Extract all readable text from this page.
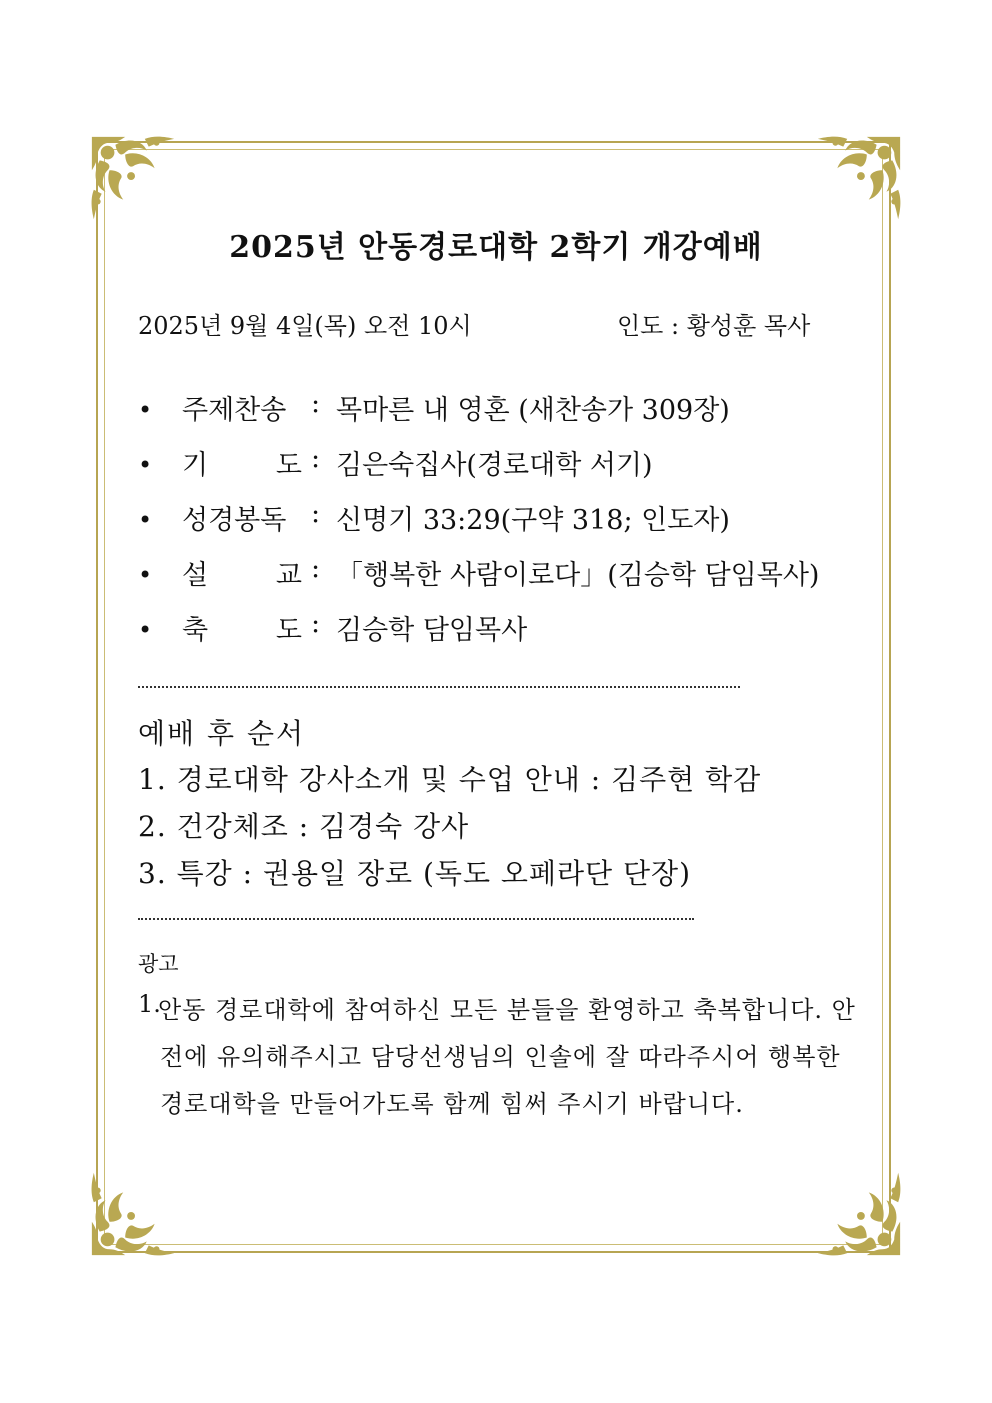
2025년 안동경로대학 2학기 개강예배
2025년 9월 4일(목) 오전 10시	인도 : 황성훈 목사
• 주제찬송 : 목마른 내 영혼 (새찬송가 309장)
• 기	도 : 김은숙집사(경로대학 서기)
• 성경봉독 : 신명기 33:29(구약 318; 인도자)
• 설	교 : 「행복한 사람이로다」(김승학 담임목사)
• 축	도 : 김승학 담임목사
예배 후 순서
1. 경로대학 강사소개 및 수업 안내 : 김주현 학감
2. 건강체조 : 김경숙 강사
3. 특강 : 권용일 장로 (독도 오페라단 단장)
광고
1.
안동 경로대학에 참여하신 모든 분들을 환영하고 축복합니다. 안전에 유의해주시고 담당선생님의 인솔에 잘 따라주시어 행복한 경로대학을 만들어가도록 함께 힘써 주시기 바랍니다.
